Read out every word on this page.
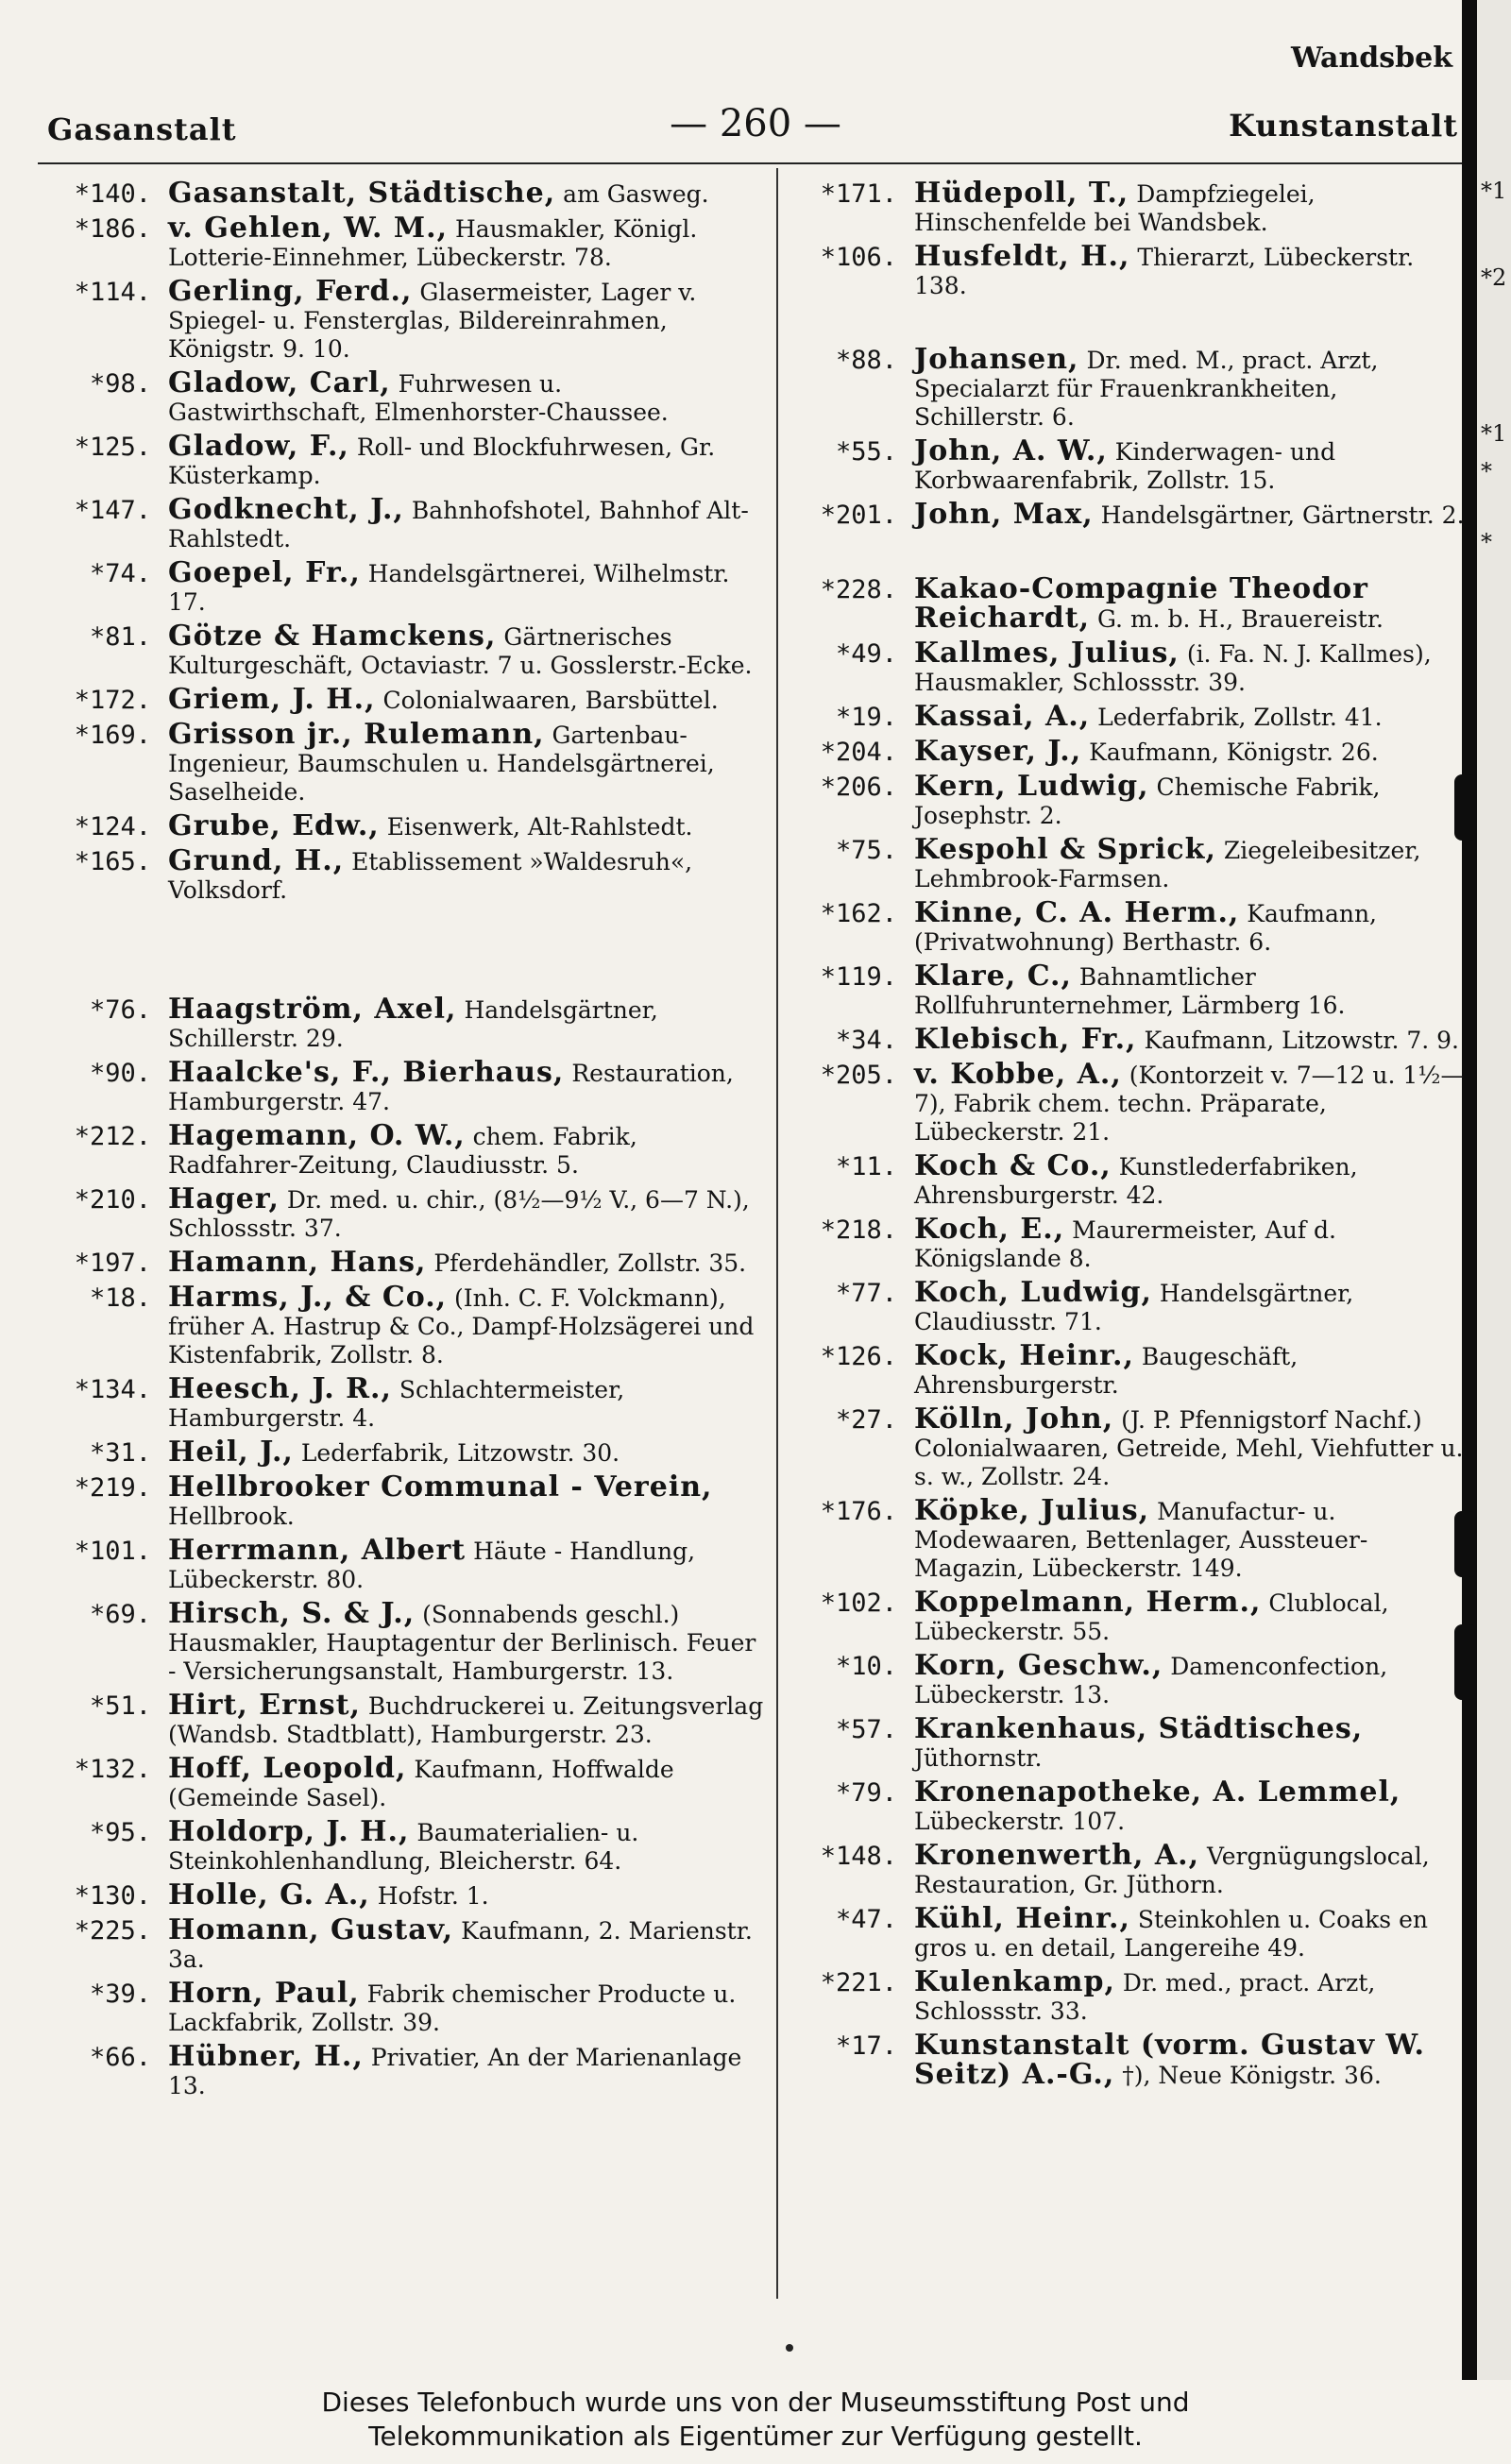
*1
*2
*1
*
*
Wandsbek
Gasanstalt	— 260 —	Kunstanstalt
*140. Gasanstalt, Städtische, am Gasweg.
*186. v. Gehlen, W. M., Hausmakler, Königl. Lotterie-Einnehmer, Lübeckerstr. 78.
*114. Gerling, Ferd., Glasermeister, Lager v. Spiegel- u. Fensterglas, Bildereinrahmen, Königstr. 9. 10.
*98. Gladow, Carl, Fuhrwesen u. Gastwirthschaft, Elmenhorster-Chaussee.
*125. Gladow, F., Roll- und Blockfuhrwesen, Gr. Küsterkamp.
*147. Godknecht, J., Bahnhofshotel, Bahnhof Alt-Rahlstedt.
*74. Goepel, Fr., Handelsgärtnerei, Wilhelmstr. 17.
*81. Götze & Hamckens, Gärtnerisches Kulturgeschäft, Octaviastr. 7 u. Gosslerstr.-Ecke.
*172. Griem, J. H., Colonialwaaren, Barsbüttel.
*169. Grisson jr., Rulemann, Gartenbau-Ingenieur, Baumschulen u. Handelsgärtnerei, Saselheide.
*124. Grube, Edw., Eisenwerk, Alt-Rahlstedt.
*165. Grund, H., Etablissement »Waldesruh«, Volksdorf.
*76. Haagström, Axel, Handelsgärtner, Schillerstr. 29.
*90. Haalcke's, F., Bierhaus, Restauration, Hamburgerstr. 47.
*212. Hagemann, O. W., chem. Fabrik, Radfahrer-Zeitung, Claudiusstr. 5.
*210. Hager, Dr. med. u. chir., (8½—9½ V., 6—7 N.), Schlossstr. 37.
*197. Hamann, Hans, Pferdehändler, Zollstr. 35.
*18. Harms, J., & Co., (Inh. C. F. Volckmann), früher A. Hastrup & Co., Dampf-Holzsägerei und Kistenfabrik, Zollstr. 8.
*134. Heesch, J. R., Schlachtermeister, Hamburgerstr. 4.
*31. Heil, J., Lederfabrik, Litzowstr. 30.
*219. Hellbrooker Communal - Verein, Hellbrook.
*101. Herrmann, Albert Häute - Handlung, Lübeckerstr. 80.
*69. Hirsch, S. & J., (Sonnabends geschl.) Hausmakler, Hauptagentur der Berlinisch. Feuer - Versicherungsanstalt, Hamburgerstr. 13.
*51. Hirt, Ernst, Buchdruckerei u. Zeitungsverlag (Wandsb. Stadtblatt), Hamburgerstr. 23.
*132. Hoff, Leopold, Kaufmann, Hoffwalde (Gemeinde Sasel).
*95. Holdorp, J. H., Baumaterialien- u. Steinkohlenhandlung, Bleicherstr. 64.
*130. Holle, G. A., Hofstr. 1.
*225. Homann, Gustav, Kaufmann, 2. Marienstr. 3a.
*39. Horn, Paul, Fabrik chemischer Producte u. Lackfabrik, Zollstr. 39.
*66. Hübner, H., Privatier, An der Marienanlage 13.
*171. Hüdepoll, T., Dampfziegelei, Hinschenfelde bei Wandsbek.
*106. Husfeldt, H., Thierarzt, Lübeckerstr. 138.
*88. Johansen, Dr. med. M., pract. Arzt, Specialarzt für Frauenkrankheiten, Schillerstr. 6.
*55. John, A. W., Kinderwagen- und Korbwaarenfabrik, Zollstr. 15.
*201. John, Max, Handelsgärtner, Gärtnerstr. 2.
*228. Kakao-Compagnie Theodor Reichardt, G. m. b. H., Brauereistr.
*49. Kallmes, Julius, (i. Fa. N. J. Kallmes), Hausmakler, Schlossstr. 39.
*19. Kassai, A., Lederfabrik, Zollstr. 41.
*204. Kayser, J., Kaufmann, Königstr. 26.
*206. Kern, Ludwig, Chemische Fabrik, Josephstr. 2.
*75. Kespohl & Sprick, Ziegeleibesitzer, Lehmbrook-Farmsen.
*162. Kinne, C. A. Herm., Kaufmann, (Privatwohnung) Berthastr. 6.
*119. Klare, C., Bahnamtlicher Rollfuhrunternehmer, Lärmberg 16.
*34. Klebisch, Fr., Kaufmann, Litzowstr. 7. 9.
*205. v. Kobbe, A., (Kontorzeit v. 7—12 u. 1½—7), Fabrik chem. techn. Präparate, Lübeckerstr. 21.
*11. Koch & Co., Kunstlederfabriken, Ahrensburgerstr. 42.
*218. Koch, E., Maurermeister, Auf d. Königslande 8.
*77. Koch, Ludwig, Handelsgärtner, Claudiusstr. 71.
*126. Kock, Heinr., Baugeschäft, Ahrensburgerstr.
*27. Kölln, John, (J. P. Pfennigstorf Nachf.) Colonialwaaren, Getreide, Mehl, Viehfutter u. s. w., Zollstr. 24.
*176. Köpke, Julius, Manufactur- u. Modewaaren, Bettenlager, Aussteuer-Magazin, Lübeckerstr. 149.
*102. Koppelmann, Herm., Clublocal, Lübeckerstr. 55.
*10. Korn, Geschw., Damenconfection, Lübeckerstr. 13.
*57. Krankenhaus, Städtisches, Jüthornstr.
*79. Kronenapotheke, A. Lemmel, Lübeckerstr. 107.
*148. Kronenwerth, A., Vergnügungslocal, Restauration, Gr. Jüthorn.
*47. Kühl, Heinr., Steinkohlen u. Coaks en gros u. en detail, Langereihe 49.
*221. Kulenkamp, Dr. med., pract. Arzt, Schlossstr. 33.
*17. Kunstanstalt (vorm. Gustav W. Seitz) A.-G., †), Neue Königstr. 36.
Dieses Telefonbuch wurde uns von der Museumsstiftung Post und
Telekommunikation als Eigentümer zur Verfügung gestellt.
